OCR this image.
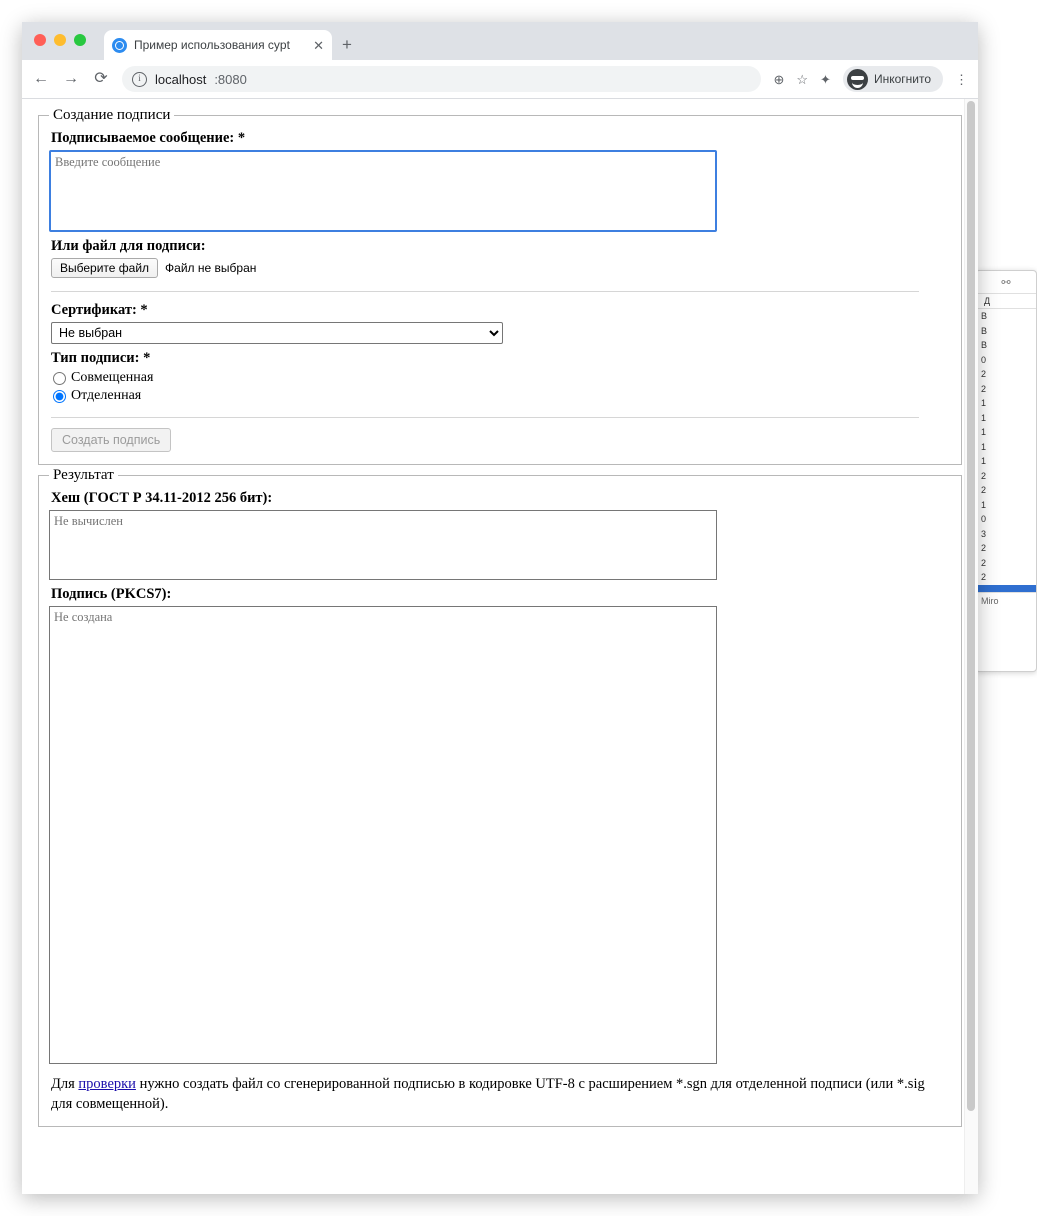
⚯
Д
В
В
В
0
2
2
1
1
1
1
1
2
2
1
0
3
2
2
2
Miro
Пример использования cypt	✕ +
← → ⟳	i	localhost :8080	⊕ ☆ ✦	Инкогнито ⋮
Создание подписи
Подписываемое сообщение: *
Введите сообщение
Или файл для подписи:
Выберите файл	Файл не выбран
Сертификат: *
Не выбран
Тип подписи: *
Совмещенная
Отделенная
Создать подпись
Результат
Хеш (ГОСТ Р 34.11-2012 256 бит):
Не вычислен
Подпись (PKCS7):
Не создана
Для проверки нужно создать файл со сгенерированной подписью в кодировке UTF-8 с расширением *.sgn для отделенной подписи (или *.sig для совмещенной).
